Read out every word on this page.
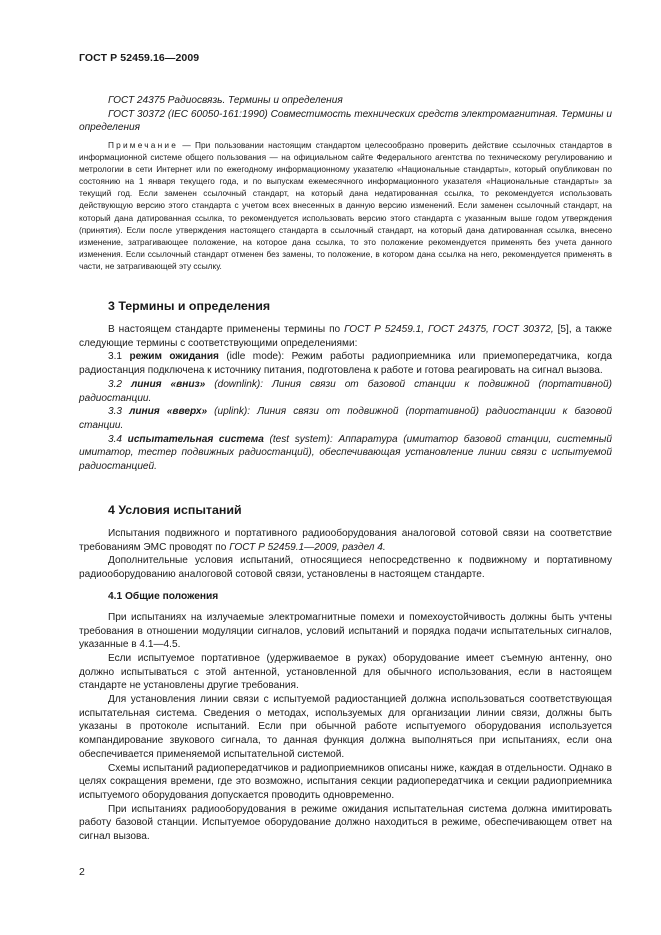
ГОСТ Р 52459.16—2009

ГОСТ 24375 Радиосвязь. Термины и определения

ГОСТ 30372 (IEC 60050-161:1990) Совместимость технических средств электромагнитная. Термины и определения

Примечание — При пользовании настоящим стандартом целесообразно проверить действие ссылочных стандартов в информационной системе общего пользования — на официальном сайте Федерального агентства по техническому регулированию и метрологии в сети Интернет или по ежегодному информационному указателю «Национальные стандарты», который опубликован по состоянию на 1 января текущего года, и по выпускам ежемесячного информационного указателя «Национальные стандарты» за текущий год. Если заменен ссылочный стандарт, на который дана недатированная ссылка, то рекомендуется использовать действующую версию этого стандарта с учетом всех внесенных в данную версию изменений. Если заменен ссылочный стандарт, на который дана датированная ссылка, то рекомендуется использовать версию этого стандарта с указанным выше годом утверждения (принятия). Если после утверждения настоящего стандарта в ссылочный стандарт, на который дана датированная ссылка, внесено изменение, затрагивающее положение, на которое дана ссылка, то это положение рекомендуется применять без учета данного изменения. Если ссылочный стандарт отменен без замены, то положение, в котором дана ссылка на него, рекомендуется применять в части, не затрагивающей эту ссылку.

3 Термины и определения

В настоящем стандарте применены термины по ГОСТ Р 52459.1, ГОСТ 24375, ГОСТ 30372, [5], а также следующие термины с соответствующими определениями:

3.1 режим ожидания (idle mode): Режим работы радиоприемника или приемопередатчика, когда радиостанция подключена к источнику питания, подготовлена к работе и готова реагировать на сигнал вызова.

3.2 линия «вниз» (downlink): Линия связи от базовой станции к подвижной (портативной) радиостанции.

3.3 линия «вверх» (uplink): Линия связи от подвижной (портативной) радиостанции к базовой станции.

3.4 испытательная система (test system): Аппаратура (имитатор базовой станции, системный имитатор, тестер подвижных радиостанций), обеспечивающая установление линии связи с испытуемой радиостанцией.

4 Условия испытаний

Испытания подвижного и портативного радиооборудования аналоговой сотовой связи на соответствие требованиям ЭМС проводят по ГОСТ Р 52459.1—2009, раздел 4.

Дополнительные условия испытаний, относящиеся непосредственно к подвижному и портативному радиооборудованию аналоговой сотовой связи, установлены в настоящем стандарте.

4.1 Общие положения

При испытаниях на излучаемые электромагнитные помехи и помехоустойчивость должны быть учтены требования в отношении модуляции сигналов, условий испытаний и порядка подачи испытательных сигналов, указанные в 4.1—4.5.

Если испытуемое портативное (удерживаемое в руках) оборудование имеет съемную антенну, оно должно испытываться с этой антенной, установленной для обычного использования, если в настоящем стандарте не установлены другие требования.

Для установления линии связи с испытуемой радиостанцией должна использоваться соответствующая испытательная система. Сведения о методах, используемых для организации линии связи, должны быть указаны в протоколе испытаний. Если при обычной работе испытуемого оборудования используется компандирование звукового сигнала, то данная функция должна выполняться при испытаниях, если она обеспечивается применяемой испытательной системой.

Схемы испытаний радиопередатчиков и радиоприемников описаны ниже, каждая в отдельности. Однако в целях сокращения времени, где это возможно, испытания секции радиопередатчика и секции радиоприемника испытуемого оборудования допускается проводить одновременно.

При испытаниях радиооборудования в режиме ожидания испытательная система должна имитировать работу базовой станции. Испытуемое оборудование должно находиться в режиме, обеспечивающем ответ на сигнал вызова.

2
